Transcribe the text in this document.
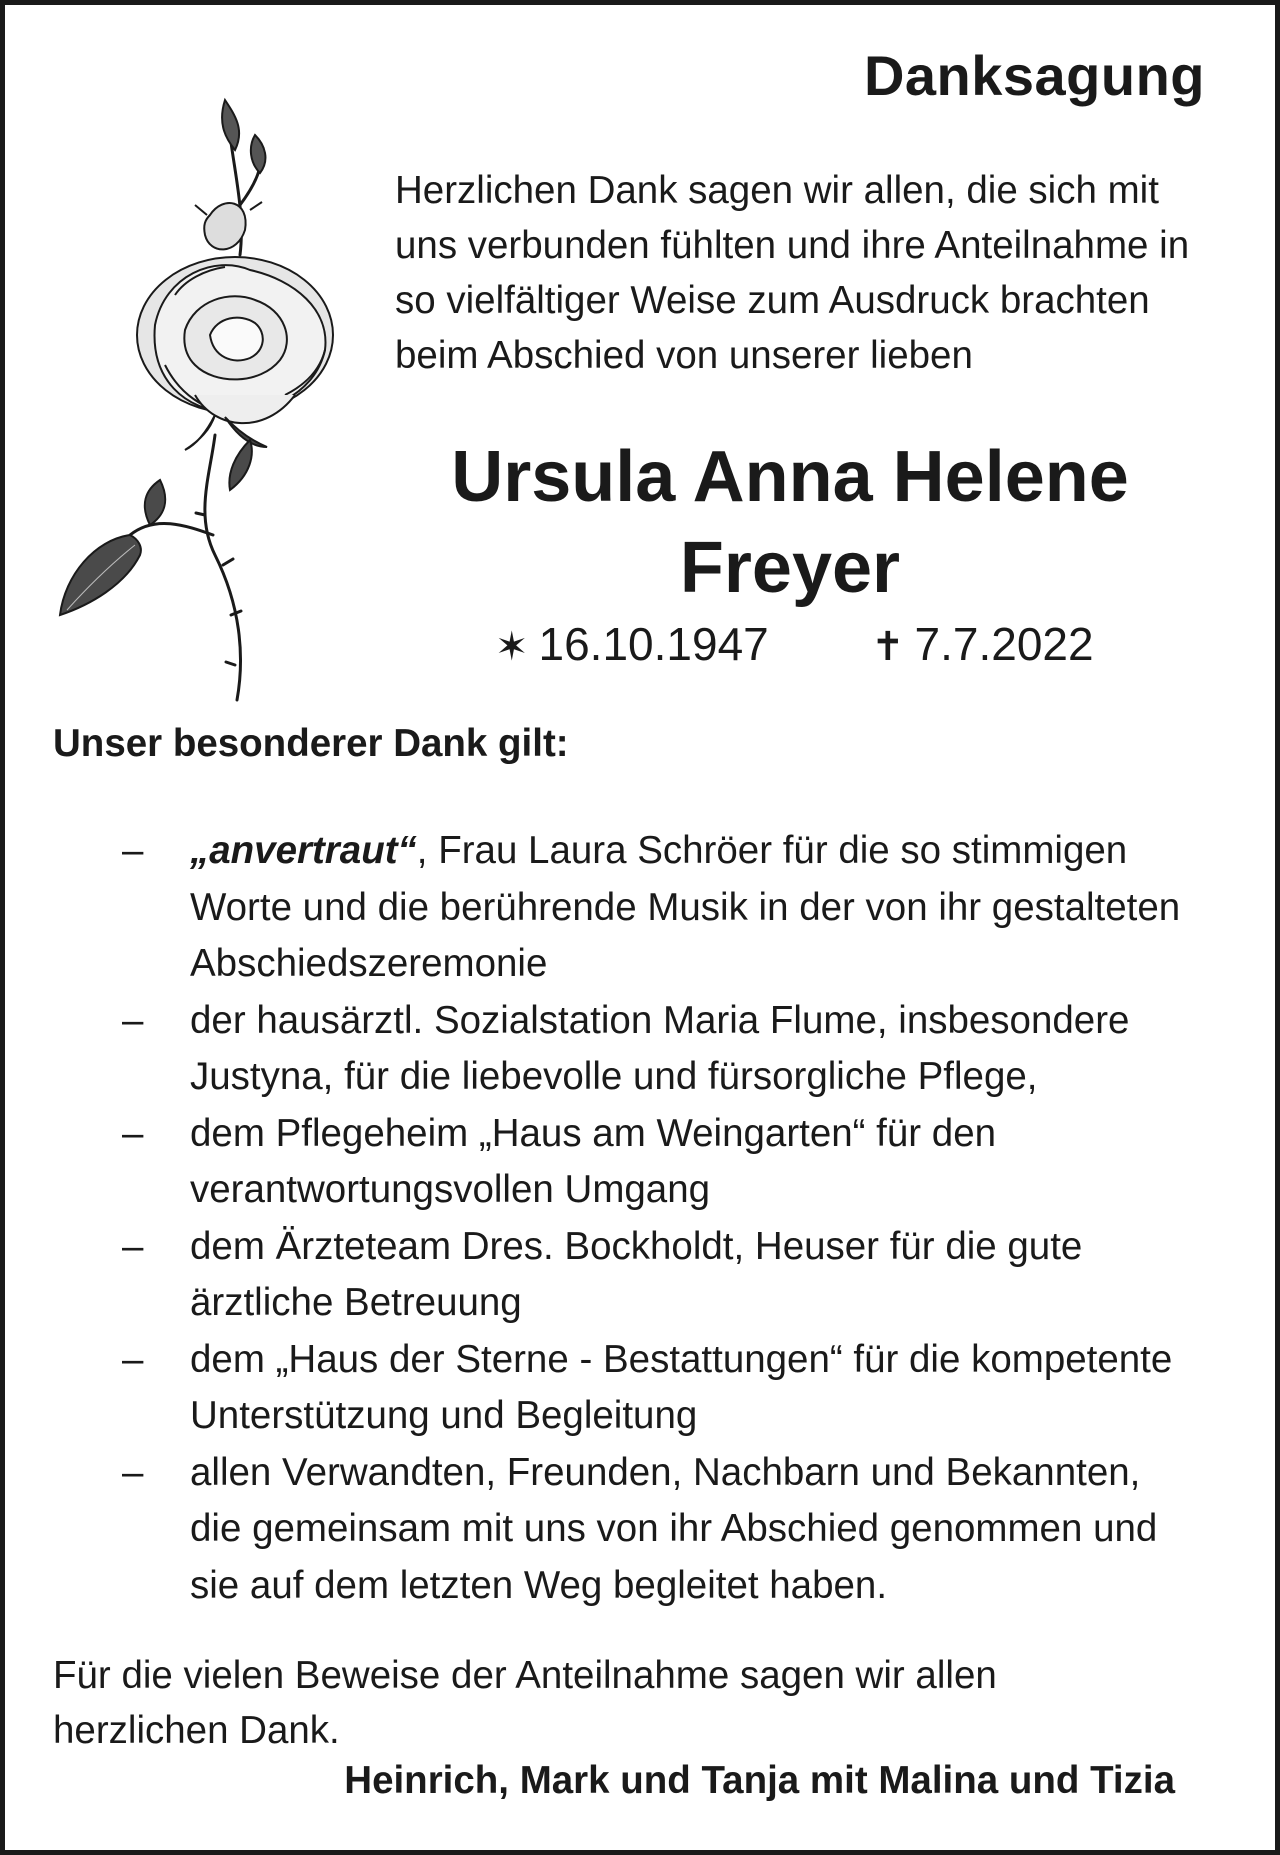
Danksagung
Herzlichen Dank sagen wir allen, die sich mit
uns verbunden fühlten und ihre Anteilnahme in
so vielfältiger Weise zum Ausdruck brachten
beim Abschied von unserer lieben
Ursula Anna Helene
Freyer
✶ 16.10.1947	✝ 7.7.2022
Unser besonderer Dank gilt:
– „anvertraut“, Frau Laura Schröer für die so stimmigen
Worte und die berührende Musik in der von ihr gestalteten
Abschiedszeremonie
– der hausärztl. Sozialstation Maria Flume, insbesondere
Justyna, für die liebevolle und fürsorgliche Pflege,
– dem Pflegeheim „Haus am Weingarten“ für den
verantwortungsvollen Umgang
– dem Ärzteteam Dres. Bockholdt, Heuser für die gute
ärztliche Betreuung
– dem „Haus der Sterne - Bestattungen“ für die kompetente
Unterstützung und Begleitung
– allen Verwandten, Freunden, Nachbarn und Bekannten,
die gemeinsam mit uns von ihr Abschied genommen und
sie auf dem letzten Weg begleitet haben.
Für die vielen Beweise der Anteilnahme sagen wir allen
herzlichen Dank.
Heinrich, Mark und Tanja mit Malina und Tizia
